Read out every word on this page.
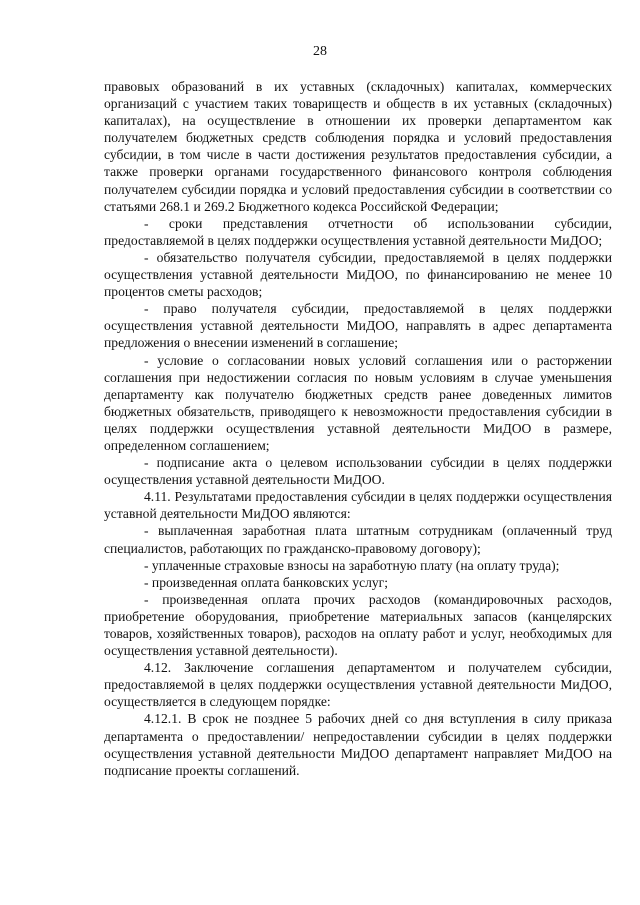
28

правовых образований в их уставных (складочных) капиталах, коммерческих организаций с участием таких товариществ и обществ в их уставных (складочных) капиталах), на осуществление в отношении их проверки департаментом как получателем бюджетных средств соблюдения порядка и условий предоставления субсидии, в том числе в части достижения результатов предоставления субсидии, а также проверки органами государственного финансового контроля соблюдения получателем субсидии порядка и условий предоставления субсидии в соответствии со статьями 268.1 и 269.2 Бюджетного кодекса Российской Федерации;

- сроки представления отчетности об использовании субсидии, предоставляемой в целях поддержки осуществления уставной деятельности МиДОО;

- обязательство получателя субсидии, предоставляемой в целях поддержки осуществления уставной деятельности МиДОО, по финансированию не менее 10 процентов сметы расходов;

- право получателя субсидии, предоставляемой в целях поддержки осуществления уставной деятельности МиДОО, направлять в адрес департамента предложения о внесении изменений в соглашение;

- условие о согласовании новых условий соглашения или о расторжении соглашения при недостижении согласия по новым условиям в случае уменьшения департаменту как получателю бюджетных средств ранее доведенных лимитов бюджетных обязательств, приводящего к невозможности предоставления субсидии в целях поддержки осуществления уставной деятельности МиДОО в размере, определенном соглашением;

- подписание акта о целевом использовании субсидии в целях поддержки осуществления уставной деятельности МиДОО.

4.11. Результатами предоставления субсидии в целях поддержки осуществления уставной деятельности МиДОО являются:

- выплаченная заработная плата штатным сотрудникам (оплаченный труд специалистов, работающих по гражданско-правовому договору);

- уплаченные страховые взносы на заработную плату (на оплату труда);

- произведенная оплата банковских услуг;

- произведенная оплата прочих расходов (командировочных расходов, приобретение оборудования, приобретение материальных запасов (канцелярских товаров, хозяйственных товаров), расходов на оплату работ и услуг, необходимых для осуществления уставной деятельности).

4.12. Заключение соглашения департаментом и получателем субсидии, предоставляемой в целях поддержки осуществления уставной деятельности МиДОО, осуществляется в следующем порядке:

4.12.1. В срок не позднее 5 рабочих дней со дня вступления в силу приказа департамента о предоставлении/ непредоставлении субсидии в целях поддержки осуществления уставной деятельности МиДОО департамент направляет МиДОО на подписание проекты соглашений.
